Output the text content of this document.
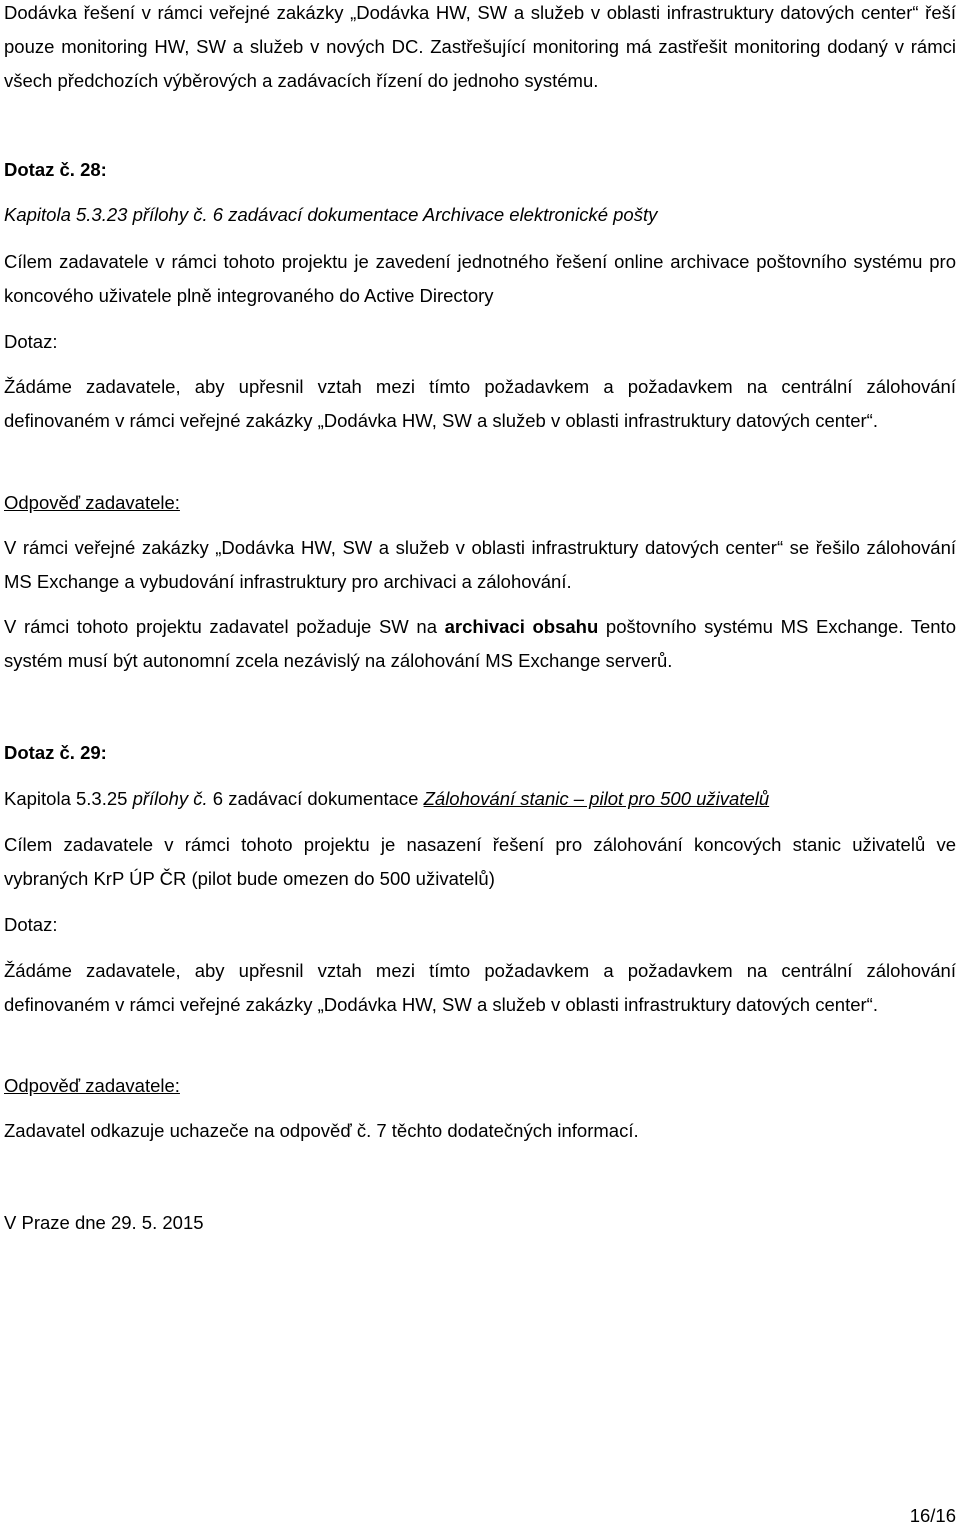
Dodávka řešení v rámci veřejné zakázky „Dodávka HW, SW a služeb v oblasti infrastruktury datových center“ řeší pouze monitoring HW, SW a služeb v nových DC. Zastřešující monitoring má zastřešit monitoring dodaný v rámci všech předchozích výběrových a zadávacích řízení do jednoho systému.

Dotaz č. 28:

Kapitola 5.3.23 přílohy č. 6 zadávací dokumentace Archivace elektronické pošty

Cílem zadavatele v rámci tohoto projektu je zavedení jednotného řešení online archivace poštovního systému pro koncového uživatele plně integrovaného do Active Directory

Dotaz:

Žádáme zadavatele, aby upřesnil vztah mezi tímto požadavkem a požadavkem na centrální zálohování definovaném v rámci veřejné zakázky „Dodávka HW, SW a služeb v oblasti infrastruktury datových center“.

Odpověď zadavatele:

V rámci veřejné zakázky „Dodávka HW, SW a služeb v oblasti infrastruktury datových center“ se řešilo zálohování MS Exchange a vybudování infrastruktury pro archivaci a zálohování.

V rámci tohoto projektu zadavatel požaduje SW na archivaci obsahu poštovního systému MS Exchange. Tento systém musí být autonomní zcela nezávislý na zálohování MS Exchange serverů.

Dotaz č. 29:

Kapitola 5.3.25 přílohy č. 6 zadávací dokumentace Zálohování stanic – pilot pro 500 uživatelů

Cílem zadavatele v rámci tohoto projektu je nasazení řešení pro zálohování koncových stanic uživatelů ve vybraných KrP ÚP ČR (pilot bude omezen do 500 uživatelů)

Dotaz:

Žádáme zadavatele, aby upřesnil vztah mezi tímto požadavkem a požadavkem na centrální zálohování definovaném v rámci veřejné zakázky „Dodávka HW, SW a služeb v oblasti infrastruktury datových center“.

Odpověď zadavatele:

Zadavatel odkazuje uchazeče na odpověď č. 7 těchto dodatečných informací.

V Praze dne 29. 5. 2015

16/16
